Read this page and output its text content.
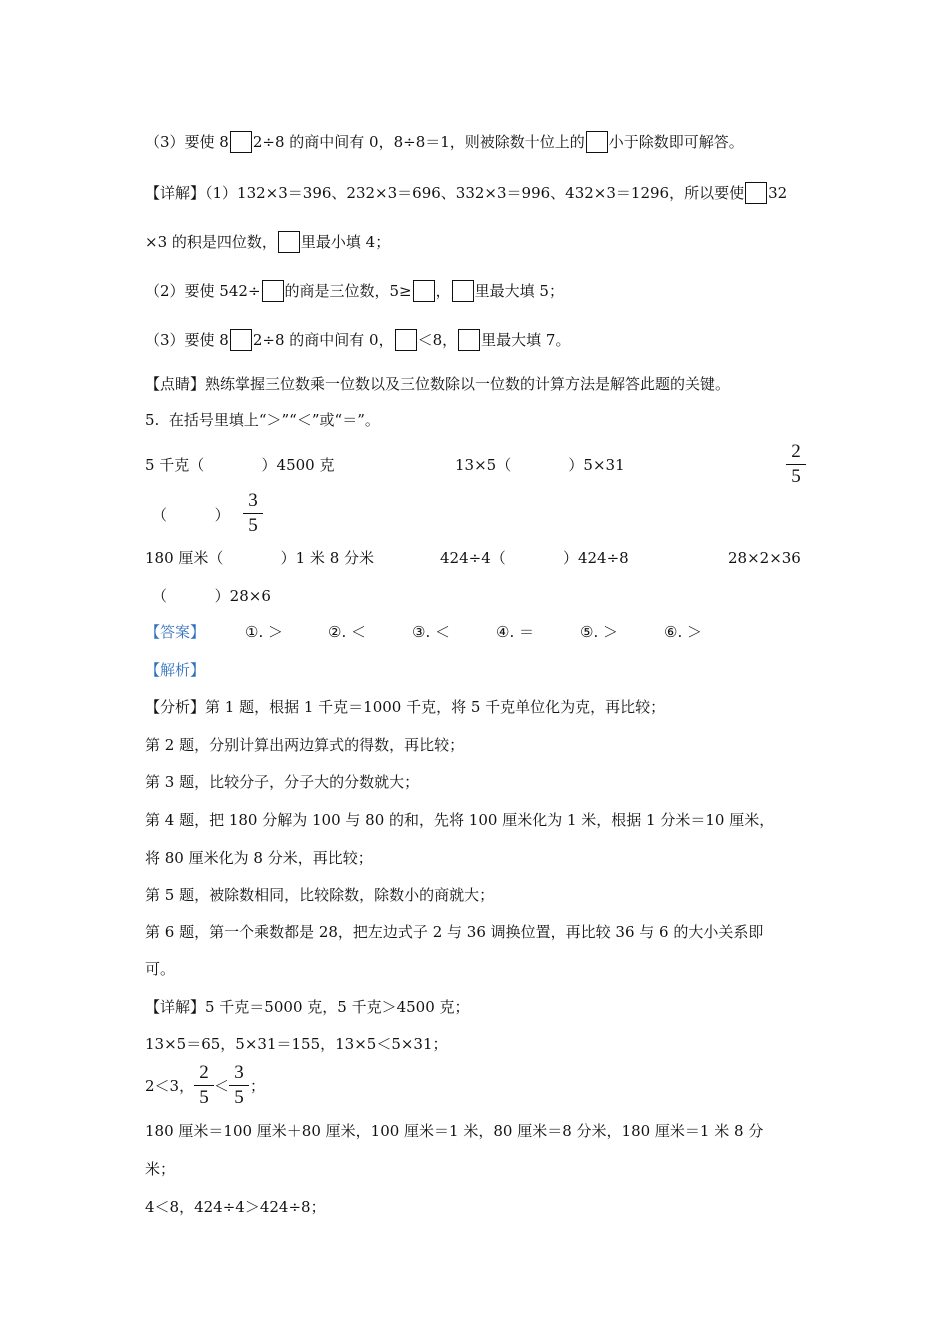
（3）要使 8 2÷8 的商中间有 0，8÷8＝1，则被除数十位上的 小于除数即可解答。
【详解】（1）132×3＝396、232×3＝696、332×3＝996、432×3＝1296，所以要使 32
×3 的积是四位数， 里最小填 4；
（2）要使 542÷ 的商是三位数，5≥ ， 里最大填 5；
（3）要使 8 2÷8 的商中间有 0， ＜8， 里最大填 7。
【点睛】熟练掌握三位数乘一位数以及三位数除以一位数的计算方法是解答此题的关键。
5.  在括号里填上“＞”“＜”或“＝”。
5 千克（            ）4500 克	13×5（            ）5×31
2
5
（          ）
3
5
180 厘米（            ）1 米 8 分米	424÷4（            ）424÷8	28×2×36
（          ）28×6
【答案】	①. ＞	②. ＜	③. ＜	④. ＝	⑤. ＞	⑥. ＞
【解析】
【分析】第 1 题，根据 1 千克＝1000 千克，将 5 千克单位化为克，再比较；
第 2 题，分别计算出两边算式的得数，再比较；
第 3 题，比较分子，分子大的分数就大；
第 4 题，把 180 分解为 100 与 80 的和，先将 100 厘米化为 1 米，根据 1 分米＝10 厘米，
将 80 厘米化为 8 分米，再比较；
第 5 题，被除数相同，比较除数，除数小的商就大；
第 6 题，第一个乘数都是 28，把左边式子 2 与 36 调换位置，再比较 36 与 6 的大小关系即
可。
【详解】5 千克＝5000 克，5 千克＞4500 克；
13×5＝65，5×31＝155，13×5＜5×31；
2＜3，
2
5
＜
3
5
；
180 厘米＝100 厘米＋80 厘米，100 厘米＝1 米，80 厘米＝8 分米，180 厘米＝1 米 8 分
米；
4＜8，424÷4＞424÷8；
